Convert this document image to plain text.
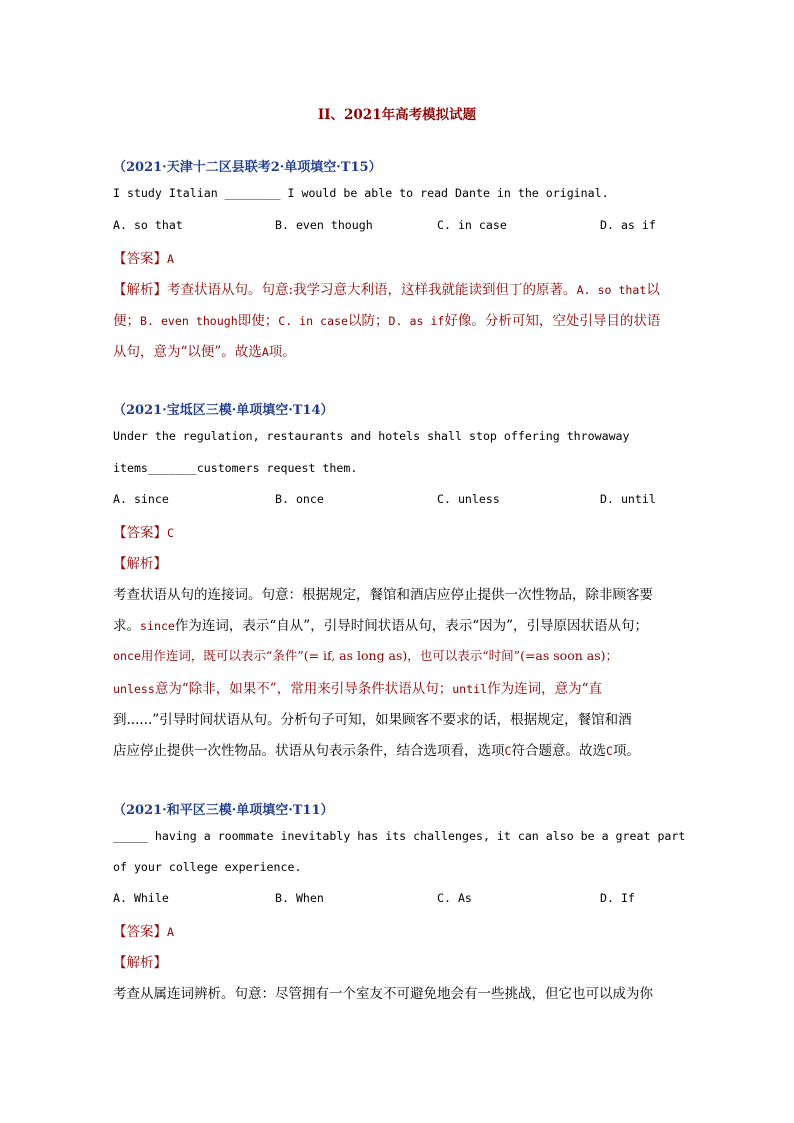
II、2021年高考模拟试题
（2021·天津十二区县联考2·单项填空·T15）
I study Italian ________ I would be able to read Dante in the original.
A. so that	B. even though	C. in case	D. as if
【答案】A
【解析】考查状语从句。句意:我学习意大利语，这样我就能读到但丁的原著。A. so that以
便；B. even though即使；C. in case以防；D. as if好像。分析可知，空处引导目的状语
从句，意为“以便”。故选A项。
（2021·宝坻区三模·单项填空·T14）
Under the regulation, restaurants and hotels shall stop offering throwaway
items_______customers request them.
A. since	B. once	C. unless	D. until
【答案】C
【解析】
考查状语从句的连接词。句意：根据规定，餐馆和酒店应停止提供一次性物品，除非顾客要
求。since作为连词，表示“自从”，引导时间状语从句，表示“因为”，引导原因状语从句；
once用作连词，既可以表示“条件”(= if, as long as)，也可以表示“时间”(=as soon as)；
unless意为“除非，如果不”，常用来引导条件状语从句；until作为连词，意为“直
到......”引导时间状语从句。分析句子可知，如果顾客不要求的话，根据规定，餐馆和酒
店应停止提供一次性物品。状语从句表示条件，结合选项看，选项C符合题意。故选C项。
（2021·和平区三模·单项填空·T11）
_____ having a roommate inevitably has its challenges, it can also be a great part
of your college experience.
A. While	B. When	C. As	D. If
【答案】A
【解析】
考查从属连词辨析。句意：尽管拥有一个室友不可避免地会有一些挑战，但它也可以成为你
